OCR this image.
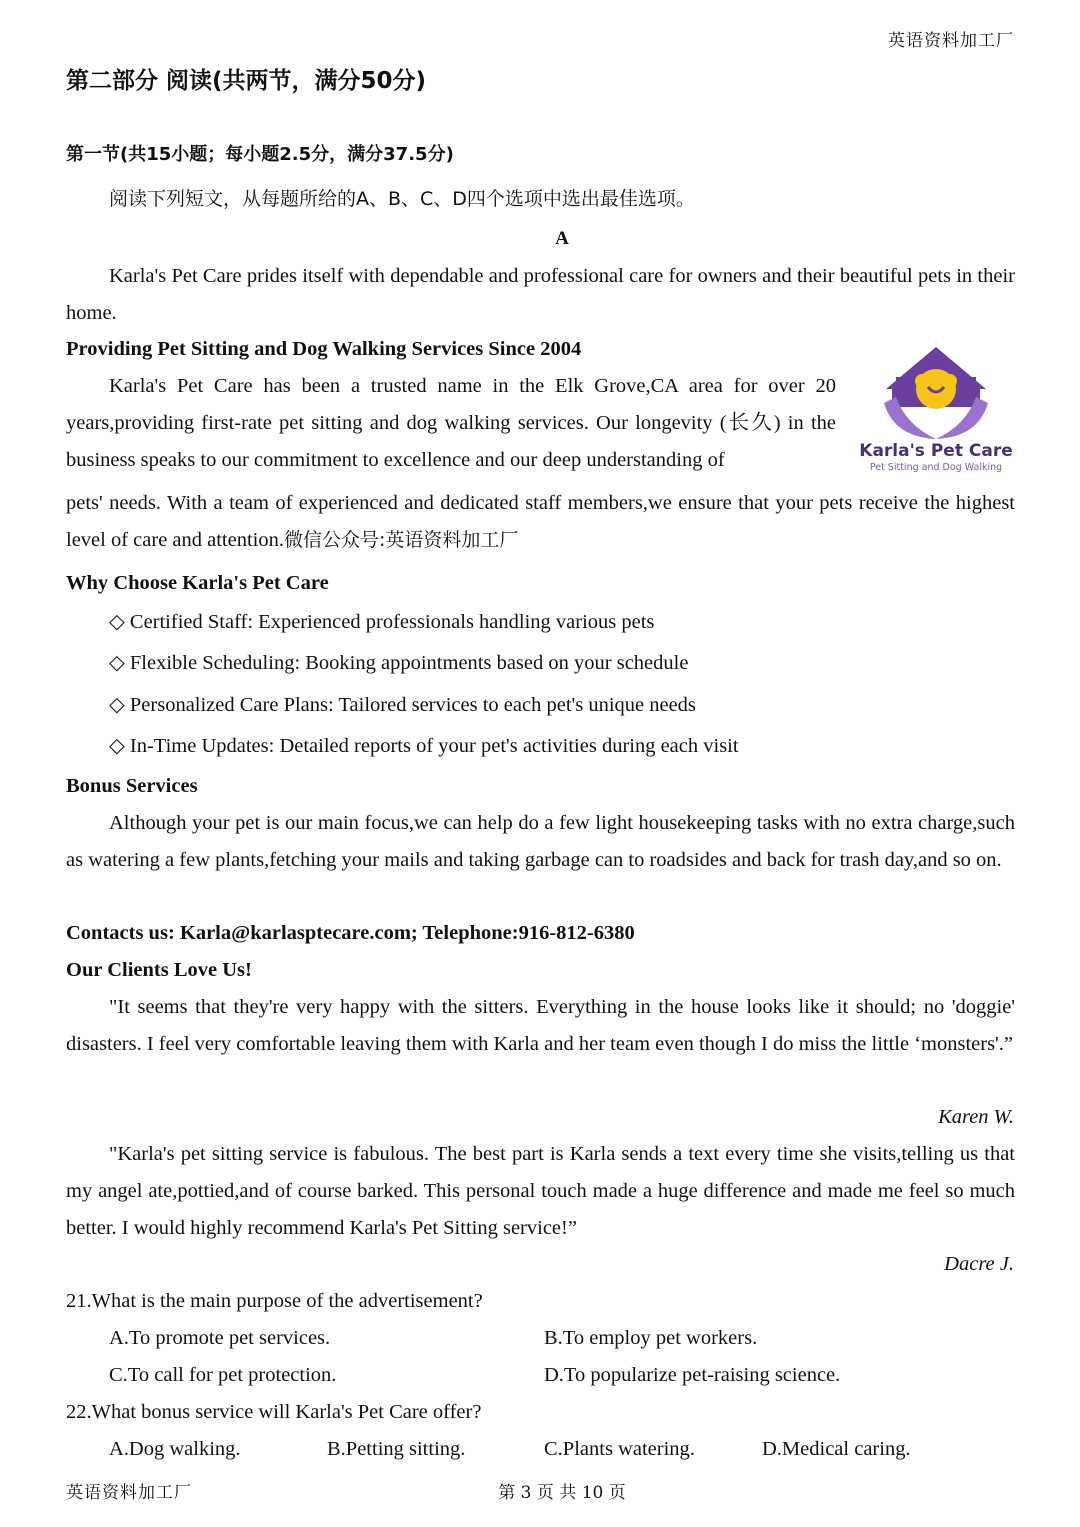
英语资料加工厂
第二部分 阅读(共两节，满分50分)
第一节(共15小题；每小题2.5分，满分37.5分)
阅读下列短文，从每题所给的A、B、C、D四个选项中选出最佳选项。
A
Karla's Pet Care prides itself with dependable and professional care for owners and their beautiful pets in their home.
Providing Pet Sitting and Dog Walking Services Since 2004
Karla's Pet Care has been a trusted name in the Elk Grove,CA area for over 20 years,providing first-rate pet sitting and dog walking services. Our longevity (长久) in the business speaks to our commitment to excellence and our deep understanding of
pets' needs. With a team of experienced and dedicated staff members,we ensure that your pets receive the highest level of care and attention.微信公众号:英语资料加工厂
Karla's Pet Care
Pet Sitting and Dog Walking
Why Choose Karla's Pet Care
◇ Certified Staff: Experienced professionals handling various pets
◇ Flexible Scheduling: Booking appointments based on your schedule
◇ Personalized Care Plans: Tailored services to each pet's unique needs
◇ In-Time Updates: Detailed reports of your pet's activities during each visit
Bonus Services
Although your pet is our main focus,we can help do a few light housekeeping tasks with no extra charge,such as watering a few plants,fetching your mails and taking garbage can to roadsides and back for trash day,and so on.
Contacts us: Karla@karlasptecare.com; Telephone:916-812-6380
Our Clients Love Us!
"It seems that they're very happy with the sitters. Everything in the house looks like it should; no 'doggie' disasters. I feel very comfortable leaving them with Karla and her team even though I do miss the little ‘monsters'.”
Karen W.
"Karla's pet sitting service is fabulous. The best part is Karla sends a text every time she visits,telling us that my angel ate,pottied,and of course barked. This personal touch made a huge difference and made me feel so much better. I would highly recommend Karla's Pet Sitting service!”
Dacre J.
21.What is the main purpose of the advertisement?
A.To promote pet services.	B.To employ pet workers.
C.To call for pet protection.	D.To popularize pet-raising science.
22.What bonus service will Karla's Pet Care offer?
A.Dog walking.	B.Petting sitting.	C.Plants watering.	D.Medical caring.
英语资料加工厂	第 3 页 共 10 页
